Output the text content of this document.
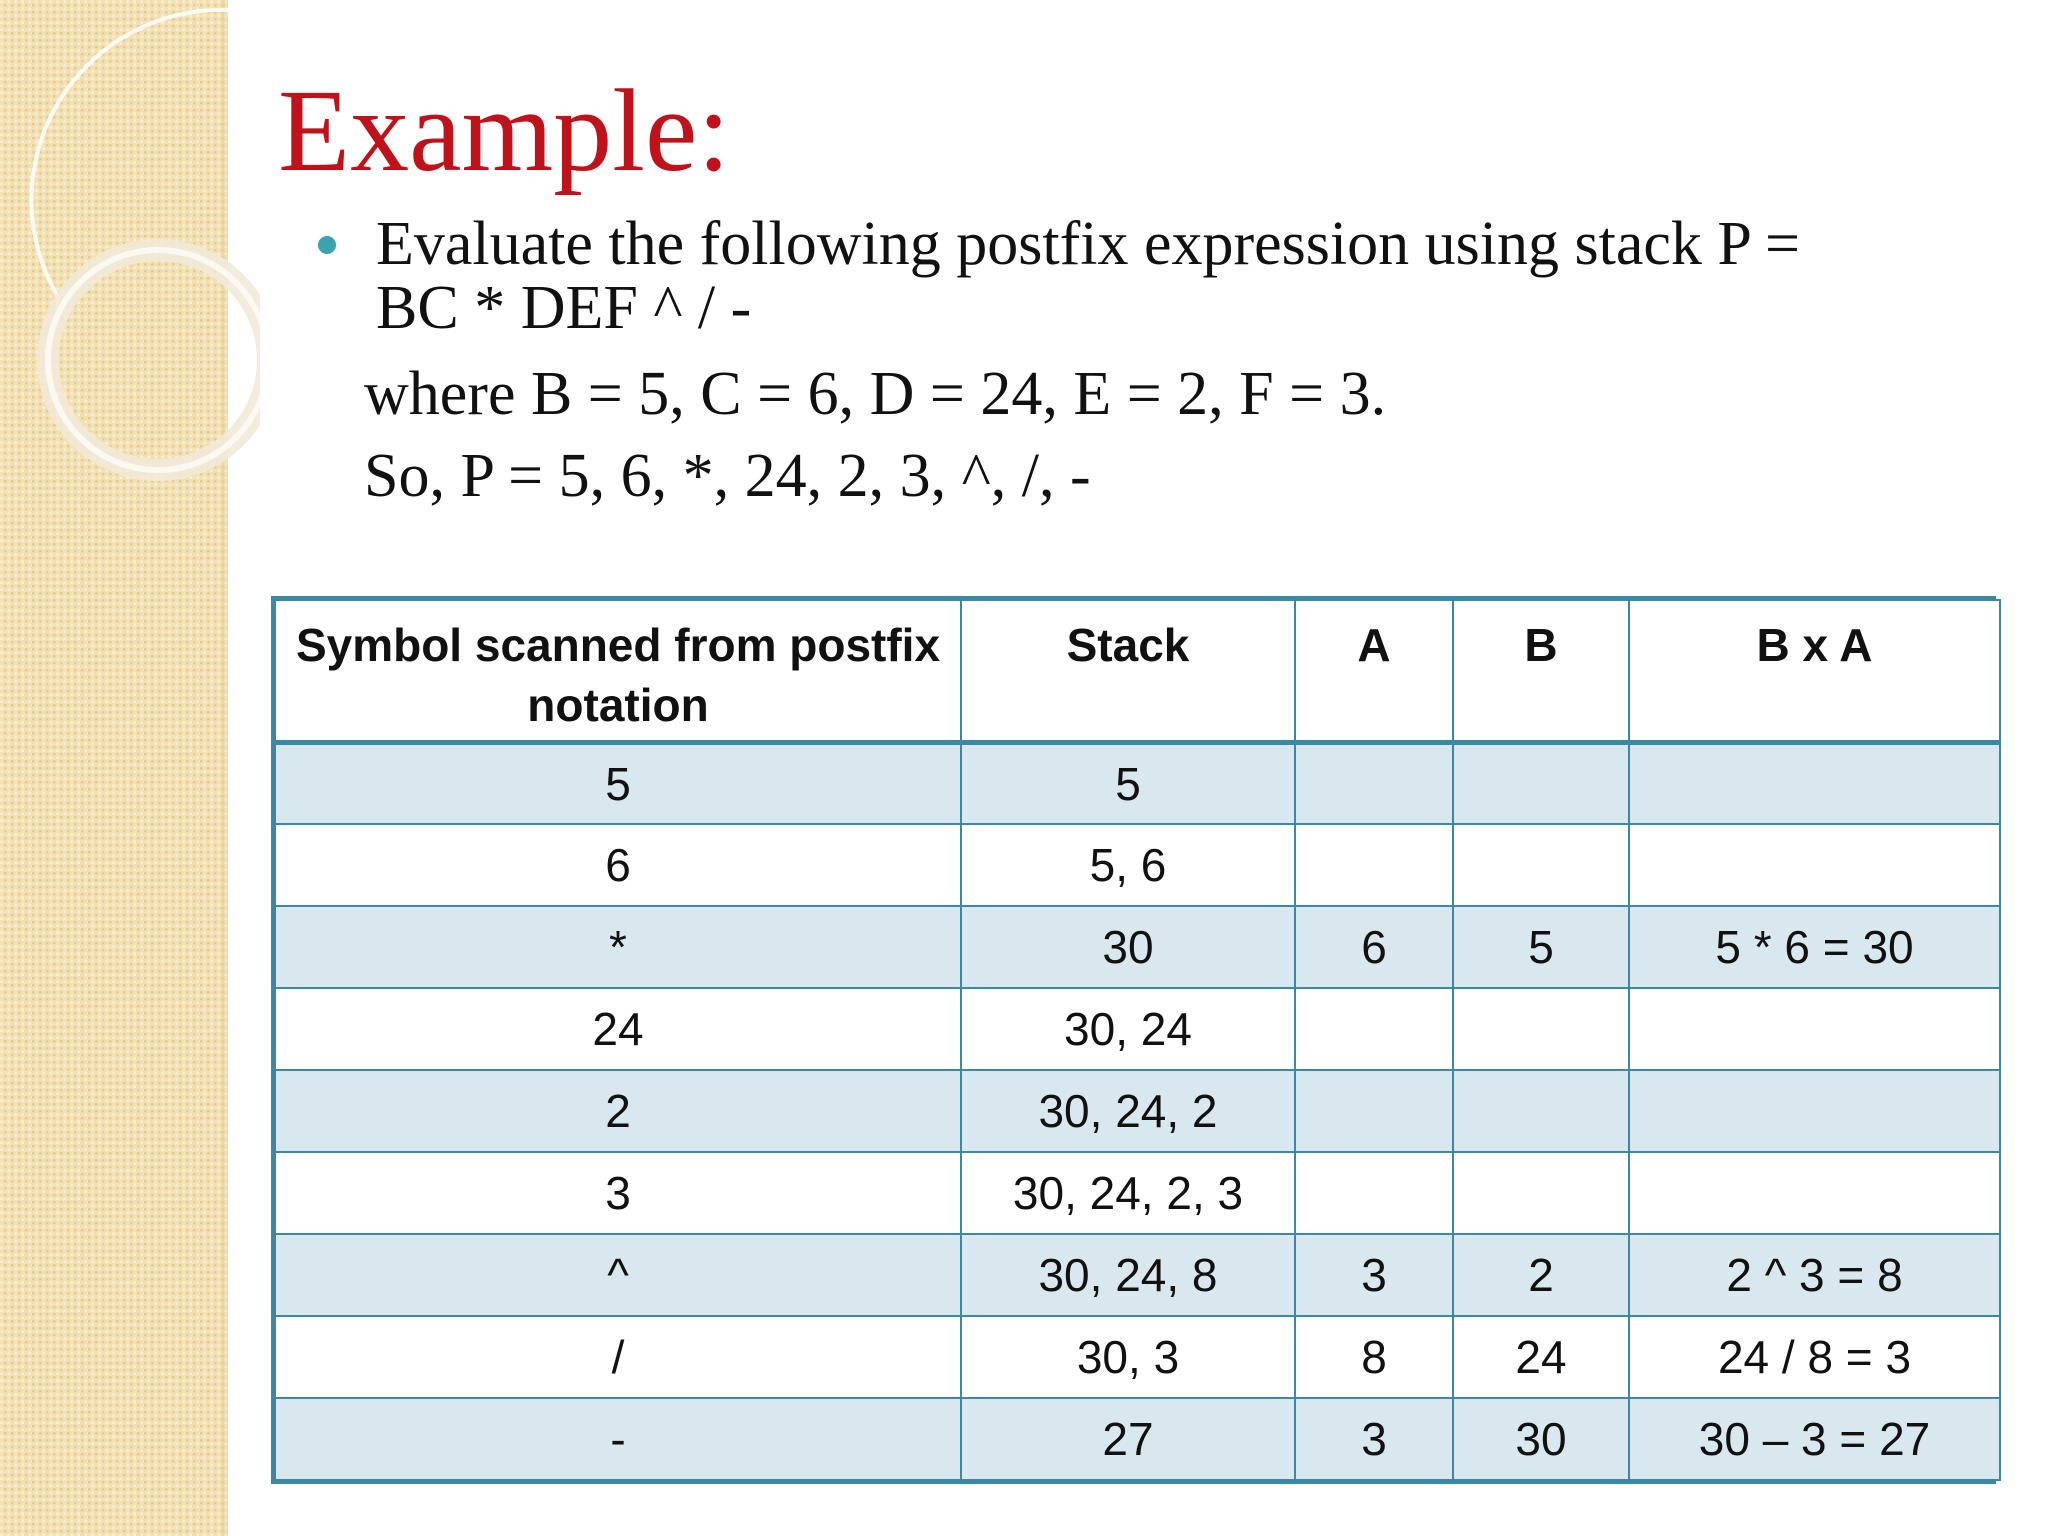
Example:
Evaluate the following postfix expression using stack P =
BC * DEF ^ / -
where B = 5, C = 6, D = 24, E = 2, F = 3.
So, P = 5, 6, *, 24, 2, 3, ^, /, -
Symbol scanned from postfix notation	Stack	A	B	B x A
5	5			
6	5, 6			
*	30	6	5	5 * 6 = 30
24	30, 24			
2	30, 24, 2			
3	30, 24, 2, 3			
^	30, 24, 8	3	2	2 ^ 3 = 8
/	30, 3	8	24	24 / 8 = 3
-	27	3	30	30 – 3 = 27
